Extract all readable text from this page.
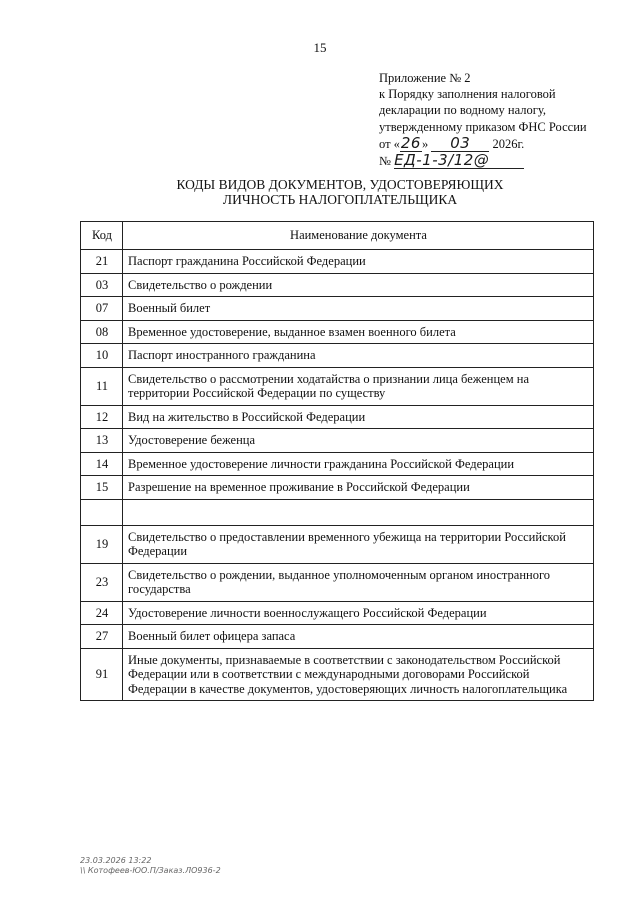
15
Приложение № 2
к Порядку заполнения налоговой
декларации по водному налогу,
утвержденному приказом ФНС России
от «26» 03 2026г.
№ ЕД-1-3/12@
КОДЫ ВИДОВ ДОКУМЕНТОВ, УДОСТОВЕРЯЮЩИХ
ЛИЧНОСТЬ НАЛОГОПЛАТЕЛЬЩИКА
Код	Наименование документа
21	Паспорт гражданина Российской Федерации
03	Свидетельство о рождении
07	Военный билет
08	Временное удостоверение, выданное взамен военного билета
10	Паспорт иностранного гражданина
11	Свидетельство о рассмотрении ходатайства о признании лица беженцем на территории Российской Федерации по существу
12	Вид на жительство в Российской Федерации
13	Удостоверение беженца
14	Временное удостоверение личности гражданина Российской Федерации
15	Разрешение на временное проживание в Российской Федерации

19	Свидетельство о предоставлении временного убежища на территории Российской Федерации
23	Свидетельство о рождении, выданное уполномоченным органом иностранного государства
24	Удостоверение личности военнослужащего Российской Федерации
27	Военный билет офицера запаса
91	Иные документы, признаваемые в соответствии с законодательством Российской Федерации или в соответствии с международными договорами Российской Федерации в качестве документов, удостоверяющих личность налогоплательщика
23.03.2026 13:22
\\ Котофеев-ЮО.П/Заказ.ЛО936-2
